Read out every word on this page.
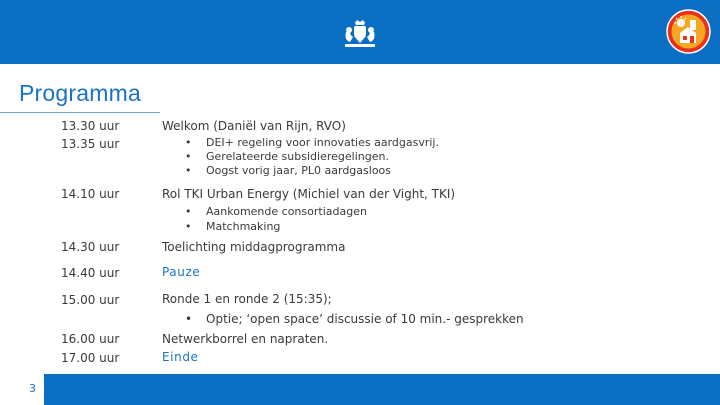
Programma
13.30 uur	Welkom (Daniël van Rijn, RVO)
13.35 uur	• DEI+ regeling voor innovaties aardgasvrij.
• Gerelateerde subsidieregelingen.
• Oogst vorig jaar, PL0 aardgasloos
14.10 uur	Rol TKI Urban Energy (Michiel van der Vight, TKI)
• Aankomende consortiadagen
• Matchmaking
14.30 uur	Toelichting middagprogramma
14.40 uur	Pauze
15.00 uur	Ronde 1 en ronde 2 (15:35);
• Optie; ‘open space’ discussie of 10 min.- gesprekken
16.00 uur	Netwerkborrel en napraten.
17.00 uur	Einde
3
